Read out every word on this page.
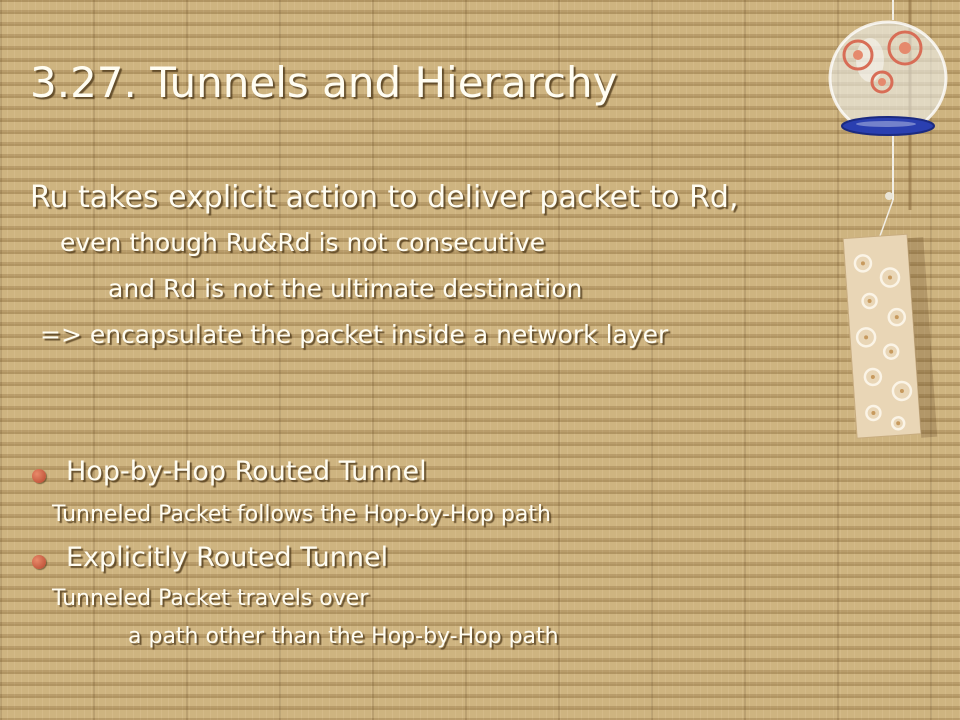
3.27. Tunnels and Hierarchy
Ru takes explicit action to deliver packet to Rd,
even though Ru&Rd is not consecutive
and Rd is not the ultimate destination
=> encapsulate the packet inside a network layer
Hop-by-Hop Routed Tunnel
Tunneled Packet follows the Hop-by-Hop path
Explicitly Routed Tunnel
Tunneled Packet travels over
a path other than the Hop-by-Hop path
